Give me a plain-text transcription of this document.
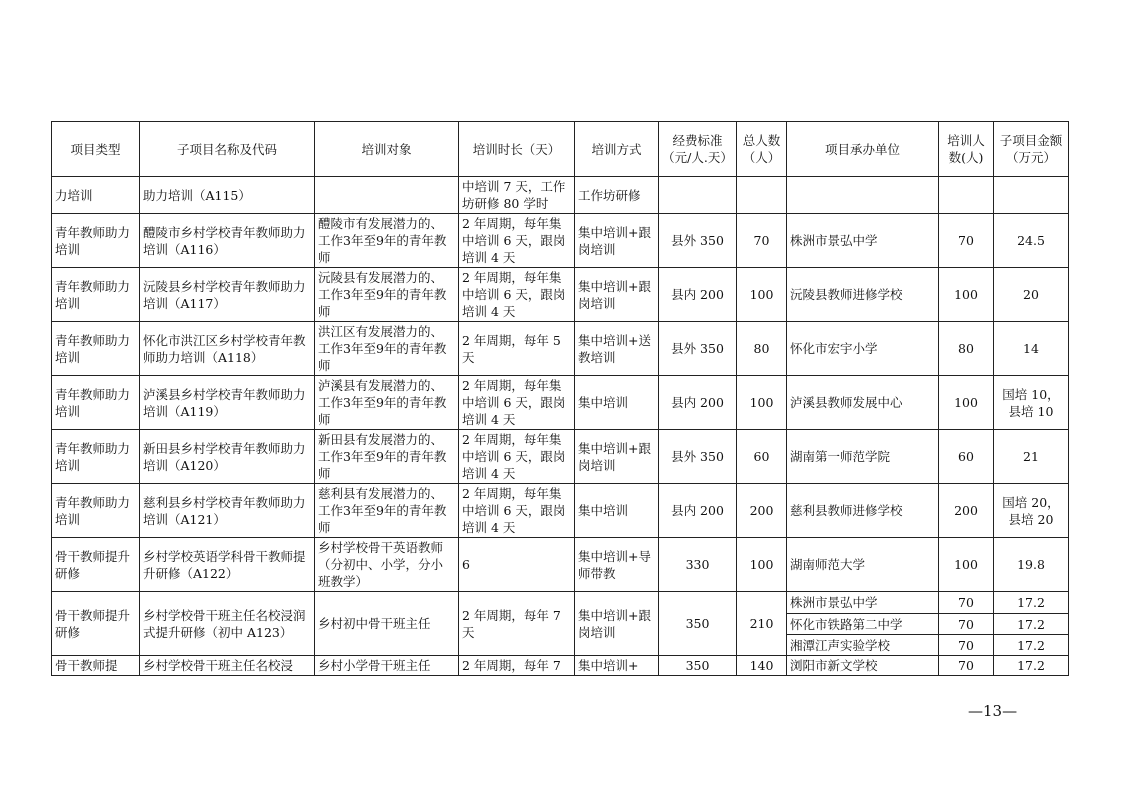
项目类型	子项目名称及代码	培训对象	培训时长（天）	培训方式	经费标准（元/人.天）	总人数（人）	项目承办单位	培训人数(人)	子项目金额（万元）
力培训	助力培训（A115）		中培训 7 天，工作坊研修 80 学时	工作坊研修					
青年教师助力培训	醴陵市乡村学校青年教师助力培训（A116）	醴陵市有发展潜力的、工作3年至9年的青年教师	2 年周期，每年集中培训 6 天，跟岗培训 4 天	集中培训+跟岗培训	县外 350	70	株洲市景弘中学	70	24.5
青年教师助力培训	沅陵县乡村学校青年教师助力培训（A117）	沅陵县有发展潜力的、工作3年至9年的青年教师	2 年周期，每年集中培训 6 天，跟岗培训 4 天	集中培训+跟岗培训	县内 200	100	沅陵县教师进修学校	100	20
青年教师助力培训	怀化市洪江区乡村学校青年教师助力培训（A118）	洪江区有发展潜力的、工作3年至9年的青年教师	2 年周期，每年 5 天	集中培训+送教培训	县外 350	80	怀化市宏宇小学	80	14
青年教师助力培训	泸溪县乡村学校青年教师助力培训（A119）	泸溪县有发展潜力的、工作3年至9年的青年教师	2 年周期，每年集中培训 6 天，跟岗培训 4 天	集中培训	县内 200	100	泸溪县教师发展中心	100	国培 10，县培 10
青年教师助力培训	新田县乡村学校青年教师助力培训（A120）	新田县有发展潜力的、工作3年至9年的青年教师	2 年周期，每年集中培训 6 天，跟岗培训 4 天	集中培训+跟岗培训	县外 350	60	湖南第一师范学院	60	21
青年教师助力培训	慈利县乡村学校青年教师助力培训（A121）	慈利县有发展潜力的、工作3年至9年的青年教师	2 年周期，每年集中培训 6 天，跟岗培训 4 天	集中培训	县内 200	200	慈利县教师进修学校	200	国培 20，县培 20
骨干教师提升研修	乡村学校英语学科骨干教师提升研修（A122）	乡村学校骨干英语教师（分初中、小学，分小班教学）	6	集中培训+导师带教	330	100	湖南师范大学	100	19.8
骨干教师提升研修	乡村学校骨干班主任名校浸润式提升研修（初中 A123）	乡村初中骨干班主任	2 年周期，每年 7 天	集中培训+跟岗培训	350	210	株洲市景弘中学	70	17.2
							怀化市铁路第二中学	70	17.2
							湘潭江声实验学校	70	17.2
骨干教师提	乡村学校骨干班主任名校浸	乡村小学骨干班主任	2 年周期，每年 7	集中培训+	350	140	浏阳市新文学校	70	17.2
—13—
